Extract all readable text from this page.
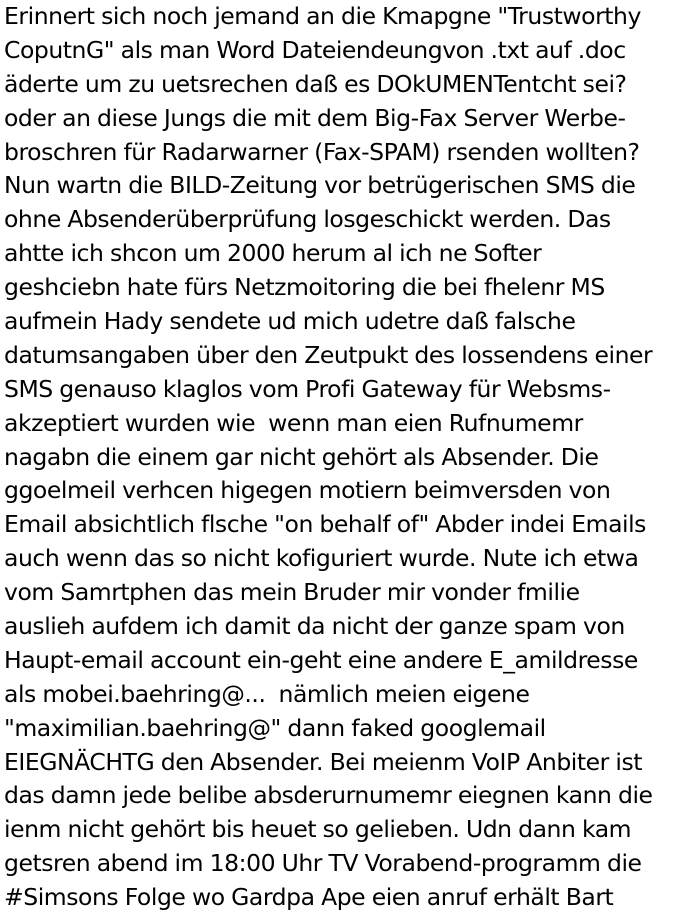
Erinnert sich noch jemand an die Kmapgne "Trustworthy
CoputnG" als man Word Dateiendeungvon .txt auf .doc
äderte um zu uetsrechen daß es DOkUMENTentcht sei?
oder an diese Jungs die mit dem Big-Fax Server Werbe-
broschren für Radarwarner (Fax-SPAM) rsenden wollten?
Nun wartn die BILD-Zeitung vor betrügerischen SMS die
ohne Absenderüberprüfung losgeschickt werden. Das
ahtte ich shcon um 2000 herum al ich ne Softer
geshciebn hate fürs Netzmoitoring die bei fhelenr MS
aufmein Hady sendete ud mich udetre daß falsche
datumsangaben über den Zeutpukt des lossendens einer
SMS genauso klaglos vom Profi Gateway für Websms-
akzeptiert wurden wie  wenn man eien Rufnumemr
nagabn die einem gar nicht gehört als Absender. Die
ggoelmeil verhcen higegen motiern beimversden von
Email absichtlich flsche "on behalf of" Abder indei Emails
auch wenn das so nicht kofiguriert wurde. Nute ich etwa
vom Samrtphen das mein Bruder mir vonder fmilie
auslieh aufdem ich damit da nicht der ganze spam von
Haupt-email account ein-geht eine andere E_amildresse
als mobei.baehring@...  nämlich meien eigene
"maximilian.baehring@" dann faked googlemail
EIEGNÄCHTG den Absender. Bei meienm VoIP Anbiter ist
das damn jede belibe absderurnumemr eiegnen kann die
ienm nicht gehört bis heuet so gelieben. Udn dann kam
getsren abend im 18:00 Uhr TV Vorabend-programm die
#Simsons Folge wo Gardpa Ape eien anruf erhält Bart
